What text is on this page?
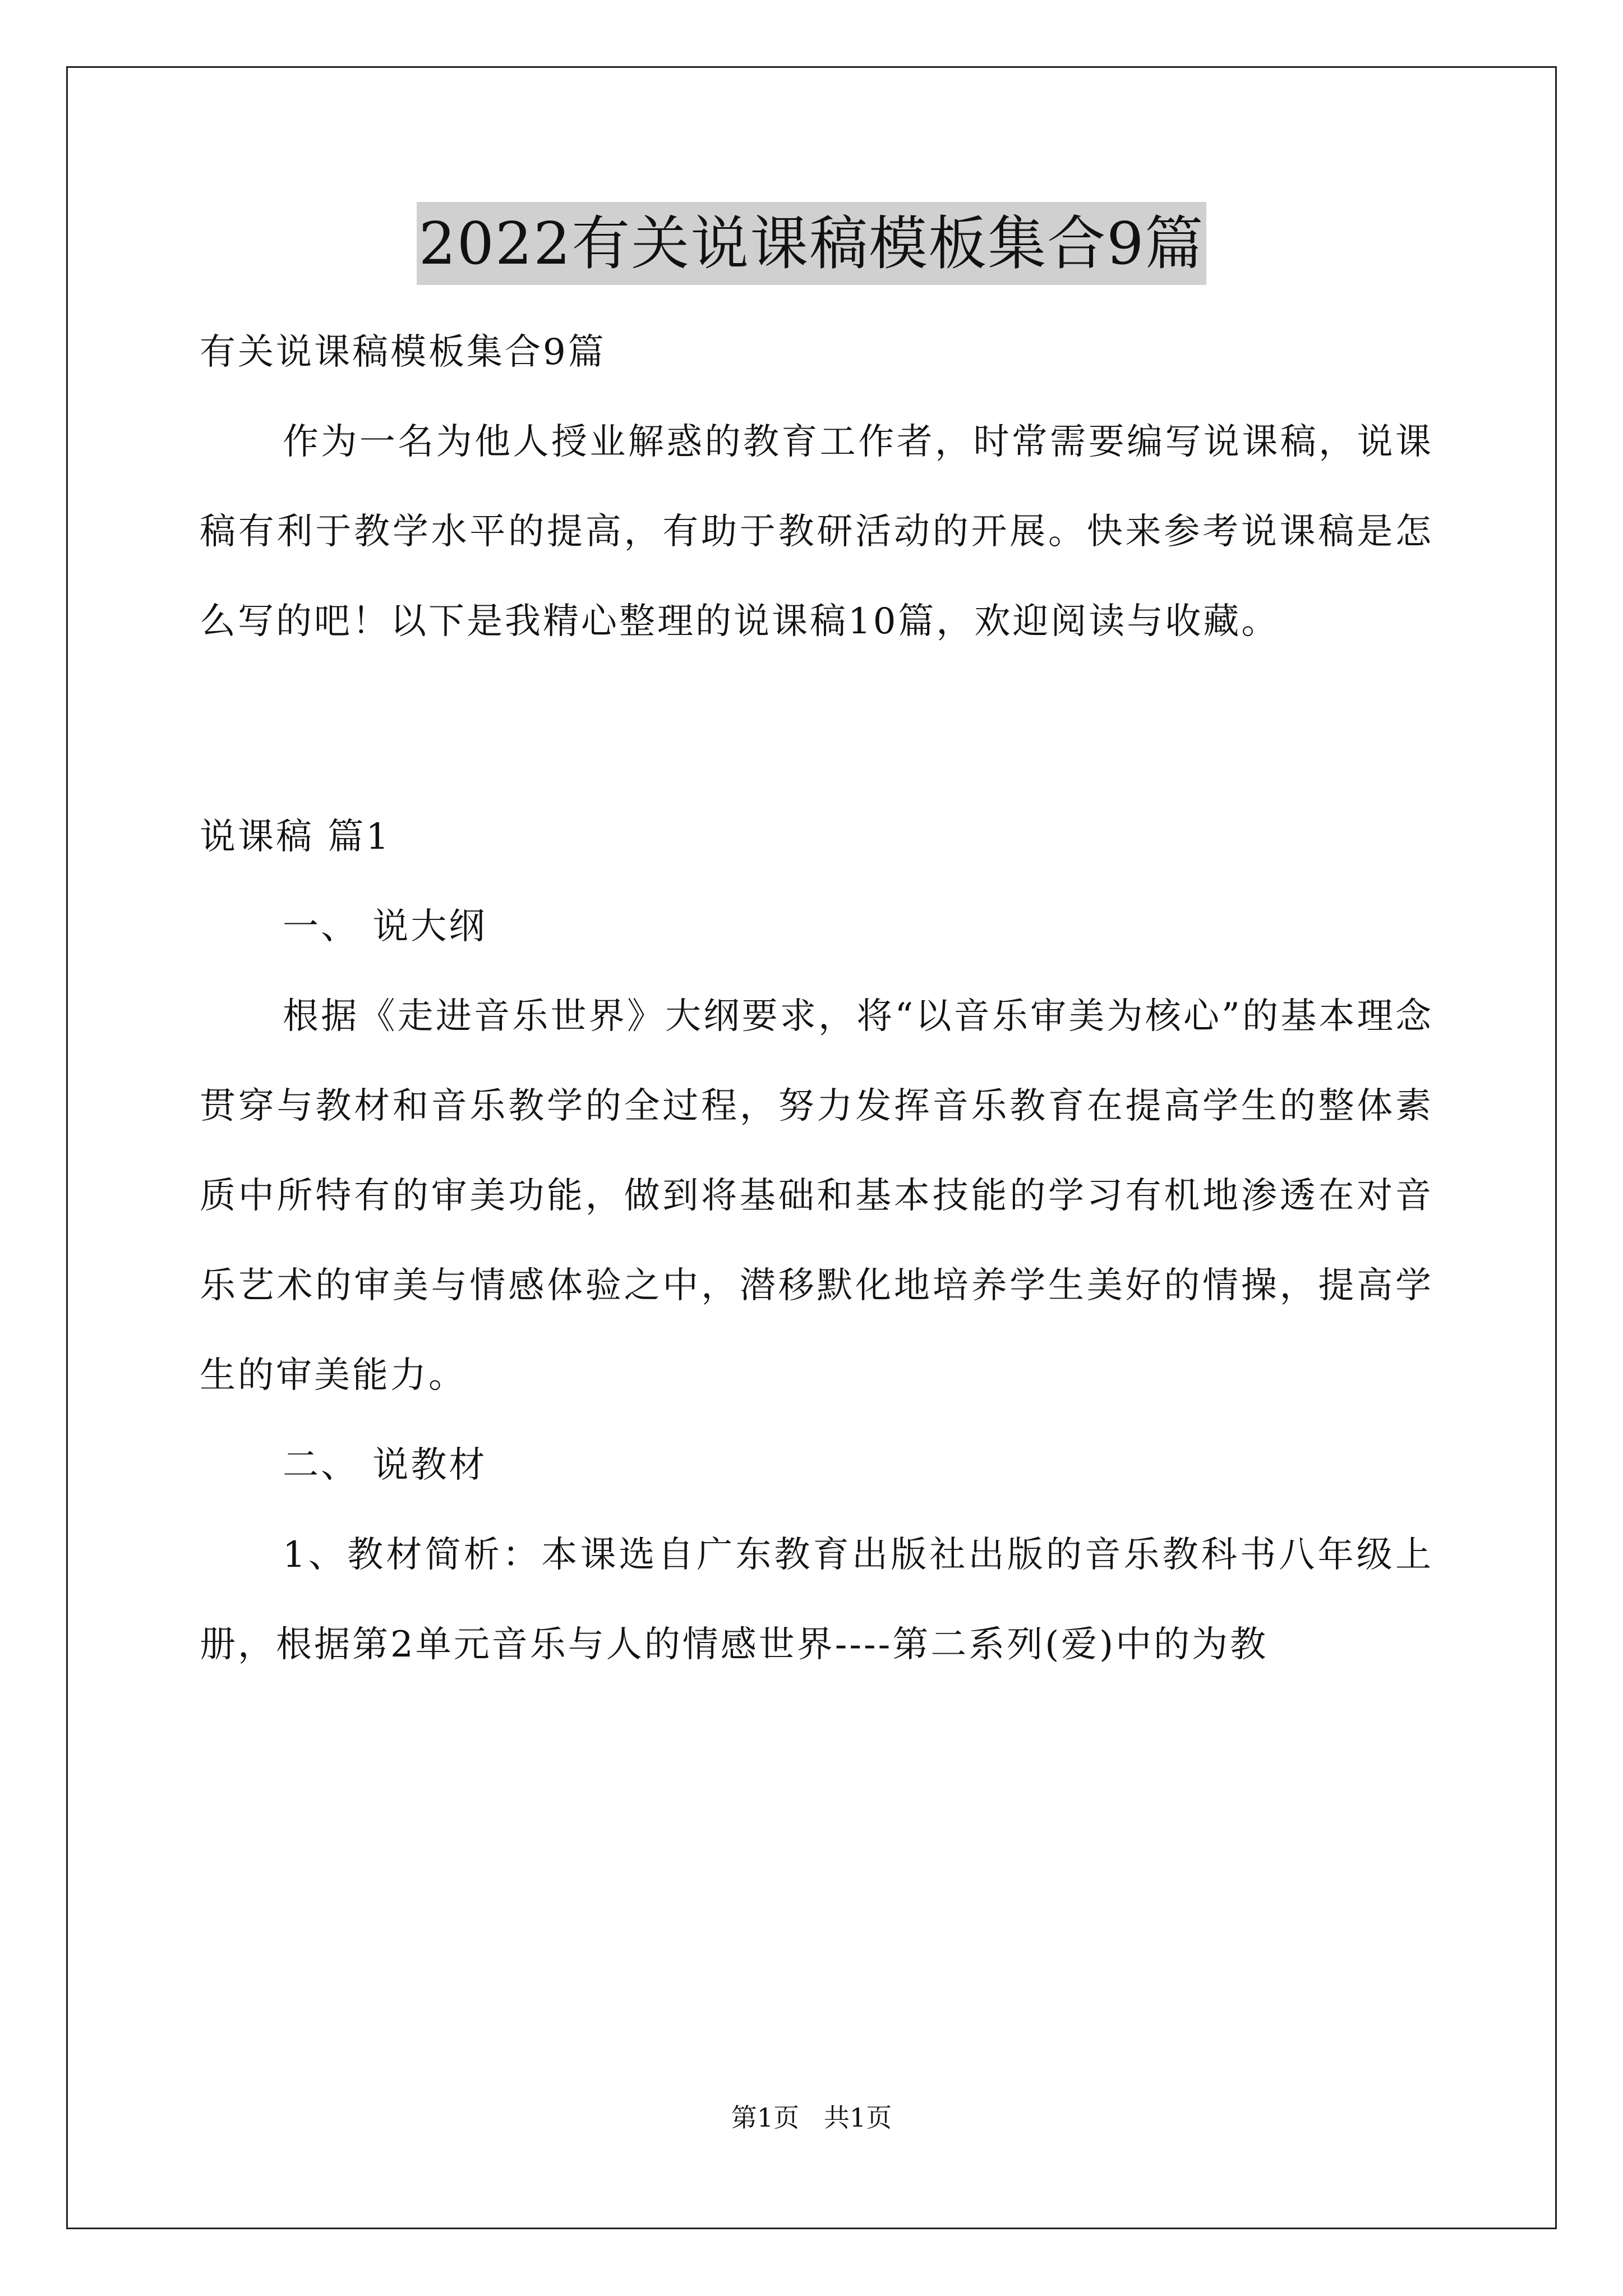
2022有关说课稿模板集合9篇

有关说课稿模板集合9篇

作为一名为他人授业解惑的教育工作者，时常需要编写说课稿，说课稿有利于教学水平的提高，有助于教研活动的开展。快来参考说课稿是怎么写的吧！以下是我精心整理的说课稿10篇，欢迎阅读与收藏。

说课稿 篇1

一、 说大纲

根据《走进音乐世界》大纲要求，将“以音乐审美为核心”的基本理念贯穿与教材和音乐教学的全过程，努力发挥音乐教育在提高学生的整体素质中所特有的审美功能，做到将基础和基本技能的学习有机地渗透在对音乐艺术的审美与情感体验之中，潜移默化地培养学生美好的情操，提高学生的审美能力。

二、 说教材

1、教材简析：本课选自广东教育出版社出版的音乐教科书八年级上册，根据第2单元音乐与人的情感世界----第二系列(爱)中的为教

第1页   共1页
